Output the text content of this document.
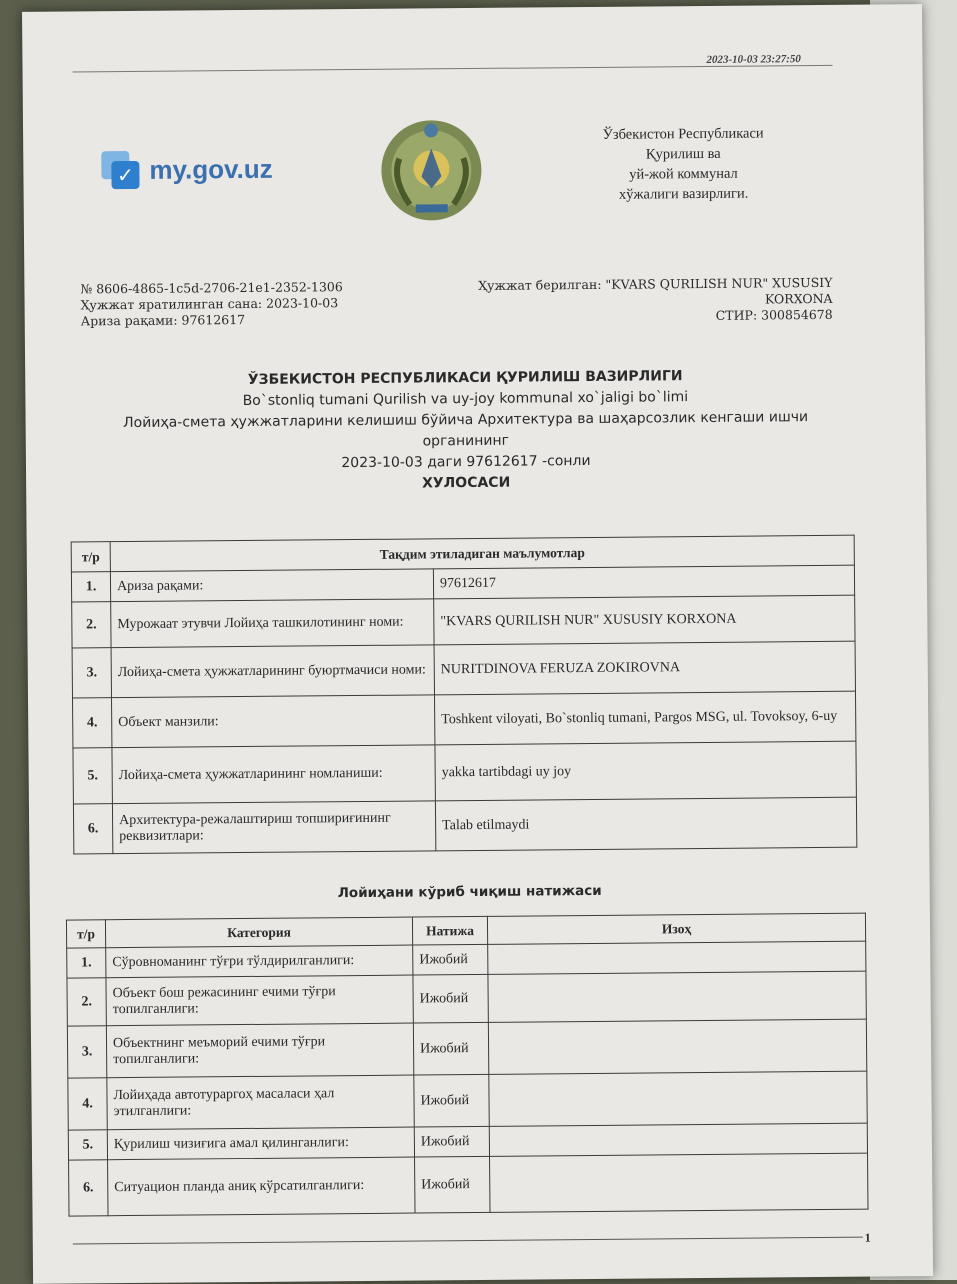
2023-10-03 23:27:50
✓ my.gov.uz
Ўзбекистон Республикаси
Қурилиш ва
уй-жой коммунал
хўжалиги вазирлиги.
№ 8606-4865-1c5d-2706-21e1-2352-1306
Ҳужжат яратилинган сана: 2023-10-03
Ариза рақами: 97612617
Ҳужжат берилган: "KVARS QURILISH NUR" XUSUSIY
KORXONA
СТИР: 300854678
ЎЗБЕКИСТОН РЕСПУБЛИКАСИ ҚУРИЛИШ ВАЗИРЛИГИ
Bo`stonliq tumani Qurilish va uy-joy kommunal xo`jaligi bo`limi
Лойиҳа-смета ҳужжатларини келишиш бўйича Архитектура ва шаҳарсозлик кенгаши ишчи
органининг
2023-10-03 даги 97612617 -сонли
ХУЛОСАСИ
т/р	Тақдим этиладиган маълумотлар	
1.	Ариза рақами:	97612617
2.	Мурожаат этувчи Лойиҳа ташкилотининг номи:	"KVARS QURILISH NUR" XUSUSIY KORXONA
3.	Лойиҳа-смета ҳужжатларининг буюртмачиси номи:	NURITDINOVA FERUZA ZOKIROVNA
4.	Объект манзили:	Toshkent viloyati, Bo`stonliq tumani, Pargos MSG, ul. Tovoksoy, 6-uy
5.	Лойиҳа-смета ҳужжатларининг номланиши:	yakka tartibdagi uy joy
6.	Архитектура-режалаштириш топшириғининг реквизитлари:	Talab etilmaydi
Лойиҳани кўриб чиқиш натижаси
т/р	Категория	Натижа	Изоҳ
1.	Сўровноманинг тўғри тўлдирилганлиги:	Ижобий	
2.	Объект бош режасининг ечими тўғри топилганлиги:	Ижобий	
3.	Объектнинг меъморий ечими тўғри топилганлиги:	Ижобий	
4.	Лойиҳада автотураргоҳ масаласи ҳал этилганлиги:	Ижобий	
5.	Қурилиш чизиғига амал қилинганлиги:	Ижобий	
6.	Ситуацион планда аниқ кўрсатилганлиги:	Ижобий	
1
